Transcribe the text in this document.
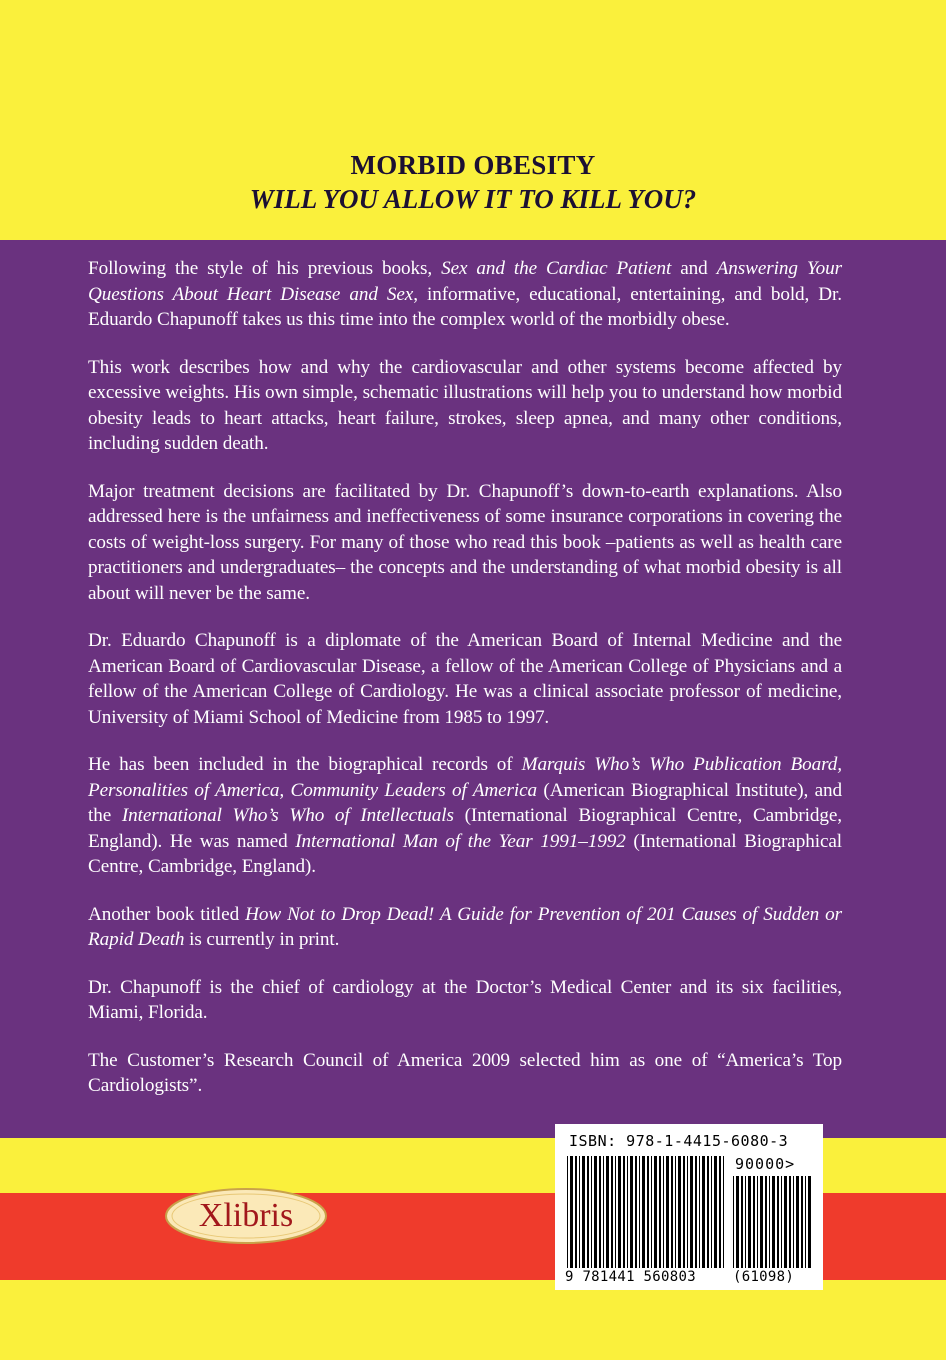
MORBID OBESITY
WILL YOU ALLOW IT TO KILL YOU?

Following the style of his previous books, Sex and the Cardiac Patient and Answering Your Questions About Heart Disease and Sex, informative, educational, entertaining, and bold, Dr. Eduardo Chapunoff takes us this time into the complex world of the morbidly obese.

This work describes how and why the cardiovascular and other systems become affected by excessive weights. His own simple, schematic illustrations will help you to understand how morbid obesity leads to heart attacks, heart failure, strokes, sleep apnea, and many other conditions, including sudden death.

Major treatment decisions are facilitated by Dr. Chapunoff’s down-to-earth explanations. Also addressed here is the unfairness and ineffectiveness of some insurance corporations in covering the costs of weight-loss surgery. For many of those who read this book –patients as well as health care practitioners and undergraduates– the concepts and the understanding of what morbid obesity is all about will never be the same.

Dr. Eduardo Chapunoff is a diplomate of the American Board of Internal Medicine and the American Board of Cardiovascular Disease, a fellow of the American College of Physicians and a fellow of the American College of Cardiology. He was a clinical associate professor of medicine, University of Miami School of Medicine from 1985 to 1997.

He has been included in the biographical records of Marquis Who’s Who Publication Board, Personalities of America, Community Leaders of America (American Biographical Institute), and the International Who’s Who of Intellectuals (International Biographical Centre, Cambridge, England). He was named International Man of the Year 1991–1992 (International Biographical Centre, Cambridge, England).

Another book titled How Not to Drop Dead! A Guide for Prevention of 201 Causes of Sudden or Rapid Death is currently in print.

Dr. Chapunoff is the chief of cardiology at the Doctor’s Medical Center and its six facilities, Miami, Florida.

The Customer’s Research Council of America 2009 selected him as one of “America’s Top Cardiologists”.

Xlibris
ISBN: 978-1-4415-6080-3
90000>
9 781441 560803	(61098)
